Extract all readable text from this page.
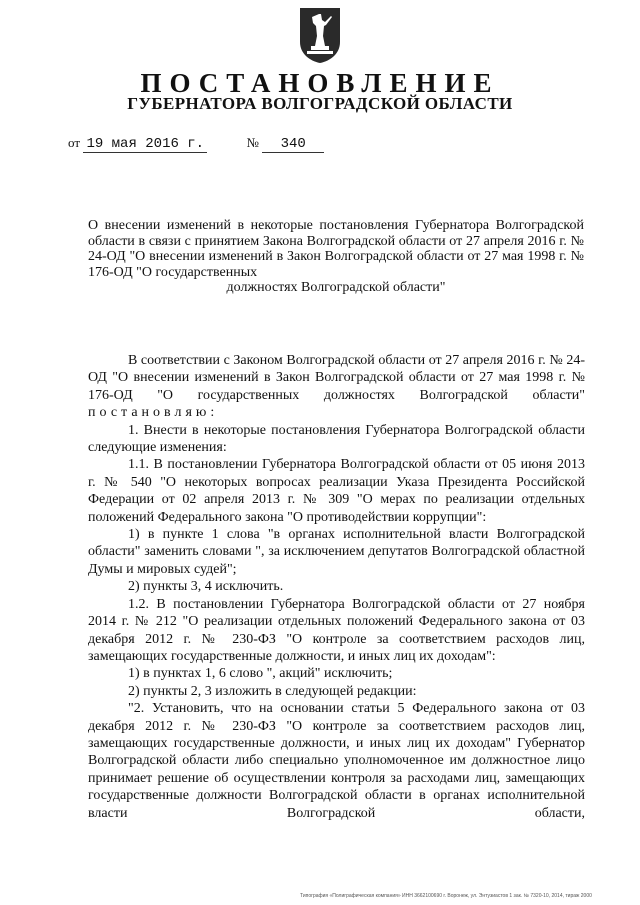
ПОСТАНОВЛЕНИЕ
ГУБЕРНАТОРА ВОЛГОГРАДСКОЙ ОБЛАСТИ
от 19 мая 2016 г.	№ 340
О внесении изменений в некоторые постановления Губернатора Волгоградской области в связи с принятием Закона Волгоградской области от 27 апреля 2016 г. № 24-ОД "О внесении изменений в Закон Волгоградской области от 27 мая 1998 г. № 176-ОД "О государственных
должностях Волгоградской области"

В соответствии с Законом Волгоградской области от 27 апреля 2016 г. № 24-ОД "О внесении изменений в Закон Волгоградской области от 27 мая 1998 г. № 176-ОД "О государственных должностях Волгоградской области" постановляю:

1. Внести в некоторые постановления Губернатора Волгоградской области следующие изменения:

1.1. В постановлении Губернатора Волгоградской области от 05 июня 2013 г. № 540 "О некоторых вопросах реализации Указа Президента Российской Федерации от 02 апреля 2013 г. № 309 "О мерах по реализации отдельных положений Федерального закона "О противодействии коррупции":

1) в пункте 1 слова "в органах исполнительной власти Волгоградской области" заменить словами ", за исключением депутатов Волгоградской областной Думы и мировых судей";

2) пункты 3, 4 исключить.

1.2. В постановлении Губернатора Волгоградской области от 27 ноября 2014 г. № 212 "О реализации отдельных положений Федерального закона от 03 декабря 2012 г. № 230-ФЗ "О контроле за соответствием расходов лиц, замещающих государственные должности, и иных лиц их доходам":

1) в пунктах 1, 6 слово ", акций" исключить;

2) пункты 2, 3 изложить в следующей редакции:

"2. Установить, что на основании статьи 5 Федерального закона от 03 декабря 2012 г. № 230-ФЗ "О контроле за соответствием расходов лиц, замещающих государственные должности, и иных лиц их доходам" Губернатор Волгоградской области либо специально уполномоченное им должностное лицо принимает решение об осуществлении контроля за расходами лиц, замещающих государственные должности Волгоградской области в органах исполнительной власти Волгоградской области,

Типография «Полиграфическая компания» ИНН 3662100690 г. Воронеж, ул. Энтузиастов 1 зак. № 7320-10, 2014, тираж 2000
